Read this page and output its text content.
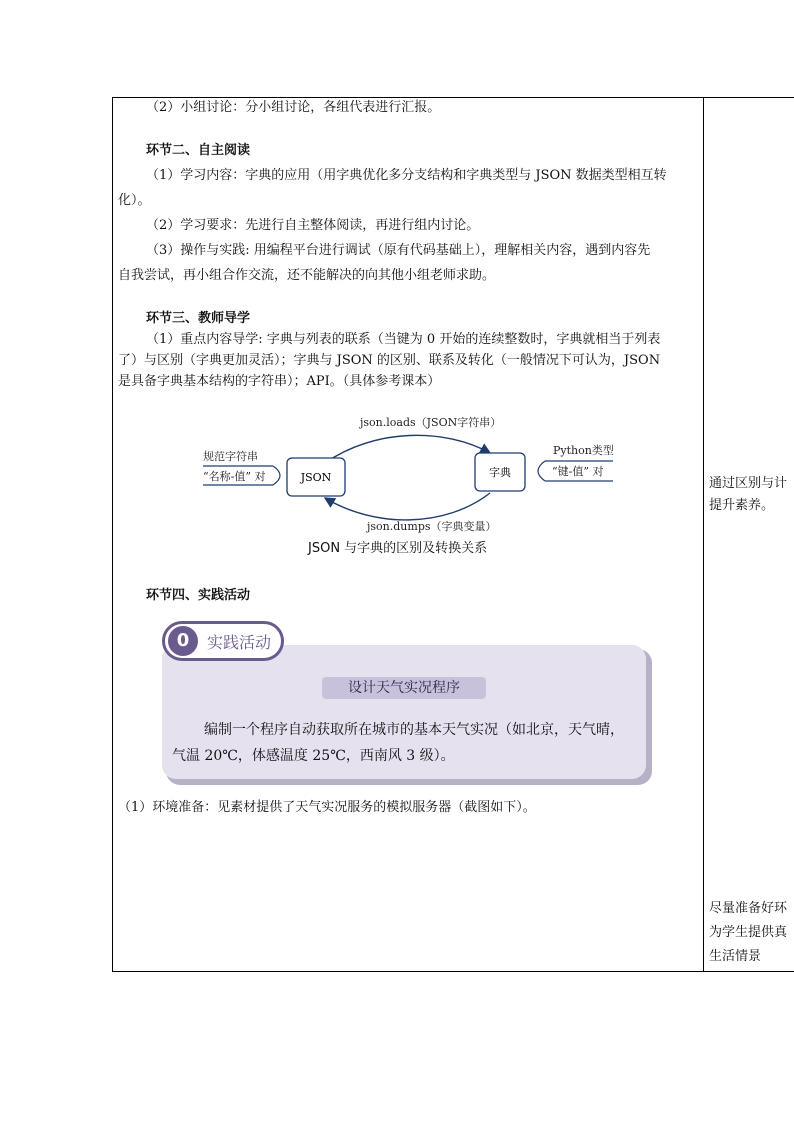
（2）小组讨论：分小组讨论，各组代表进行汇报。
环节二、自主阅读
（1）学习内容：字典的应用（用字典优化多分支结构和字典类型与 JSON 数据类型相互转
化）。
（2）学习要求：先进行自主整体阅读，再进行组内讨论。
（3）操作与实践: 用编程平台进行调试（原有代码基础上），理解相关内容，遇到内容先
自我尝试，再小组合作交流，还不能解决的向其他小组老师求助。
环节三、教师导学
（1）重点内容导学: 字典与列表的联系（当键为 0 开始的连续整数时，字典就相当于列表
了）与区别（字典更加灵活）；字典与 JSON 的区别、联系及转化（一般情况下可认为，JSON
是具备字典基本结构的字符串）；API。（具体参考课本）
json.loads（JSON字符串）
json.dumps（字典变量）
JSON	字典
规范字符串
“名称-值” 对
Python类型
“键-值” 对
JSON 与字典的区别及转换关系
环节四、实践活动
0	实践活动
设计天气实况程序
编制一个程序自动获取所在城市的基本天气实况（如北京，天气晴，
气温 20℃，体感温度 25℃，西南风 3 级）。
（1）环境准备：见素材提供了天气实况服务的模拟服务器（截图如下）。
通过区别与计
提升素养。
尽量准备好环
为学生提供真
生活情景
